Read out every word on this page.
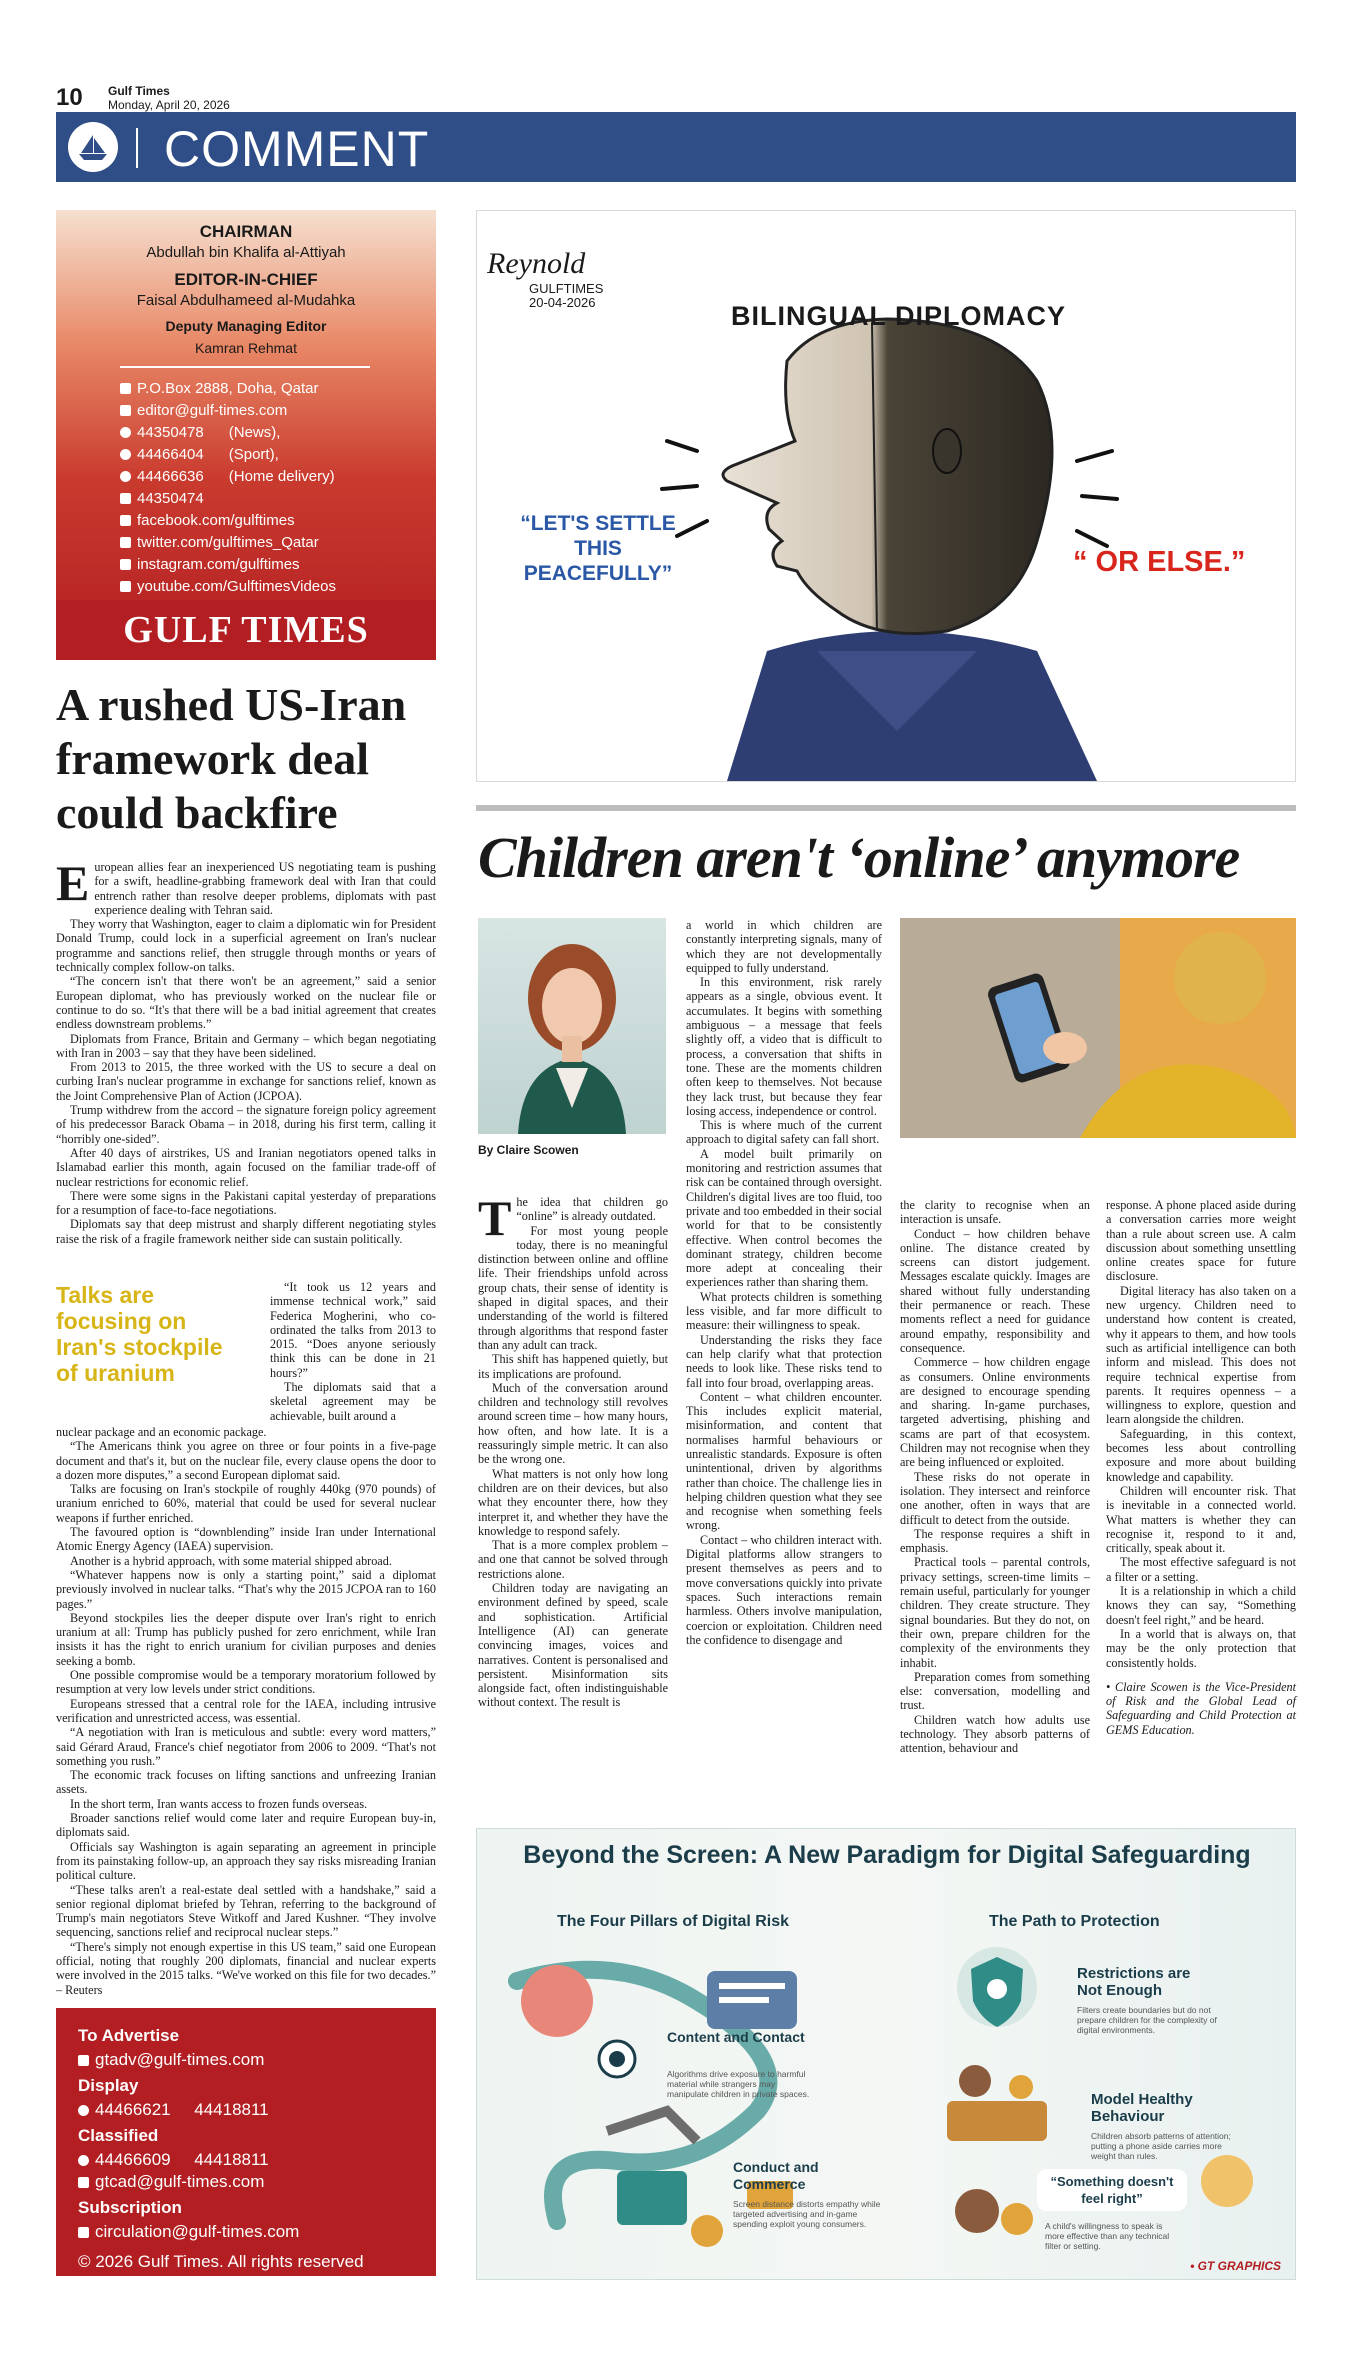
10 Gulf Times
Monday, April 20, 2026
COMMENT
CHAIRMAN
Abdullah bin Khalifa al-Attiyah
EDITOR-IN-CHIEF
Faisal Abdulhameed al-Mudahka
Deputy Managing Editor
Kamran Rehmat
P.O.Box 2888, Doha, Qatar
editor@gulf-times.com
44350478      (News),
44466404      (Sport),
44466636      (Home delivery)
44350474
facebook.com/gulftimes
twitter.com/gulftimes_Qatar
instagram.com/gulftimes
youtube.com/GulftimesVideos
GULF TIMES
A rushed US-Iran framework deal could backfire

European allies fear an inexperienced US negotiating team is pushing for a swift, headline-grabbing framework deal with Iran that could entrench rather than resolve deeper problems, diplomats with past experience dealing with Tehran said.

They worry that Washington, eager to claim a diplomatic win for President Donald Trump, could lock in a superficial agreement on Iran's nuclear programme and sanctions relief, then struggle through months or years of technically complex follow-on talks.

“The concern isn't that there won't be an agreement,” said a senior European diplomat, who has previously worked on the nuclear file or continue to do so. “It's that there will be a bad initial agreement that creates endless downstream problems.”

Diplomats from France, Britain and Germany – which began negotiating with Iran in 2003 – say that they have been sidelined.

From 2013 to 2015, the three worked with the US to secure a deal on curbing Iran's nuclear programme in exchange for sanctions relief, known as the Joint Comprehensive Plan of Action (JCPOA).

Trump withdrew from the accord – the signature foreign policy agreement of his predecessor Barack Obama – in 2018, during his first term, calling it “horribly one-sided”.

After 40 days of airstrikes, US and Iranian negotiators opened talks in Islamabad earlier this month, again focused on the familiar trade-off of nuclear restrictions for economic relief.

There were some signs in the Pakistani capital yesterday of preparations for a resumption of face-to-face negotiations.

Diplomats say that deep mistrust and sharply different negotiating styles raise the risk of a fragile framework neither side can sustain politically.

Talks are focusing on Iran's stockpile of uranium

“It took us 12 years and immense technical work,” said Federica Mogherini, who co-ordinated the talks from 2013 to 2015. “Does anyone seriously think this can be done in 21 hours?”

The diplomats said that a skeletal agreement may be achievable, built around a

nuclear package and an economic package.

“The Americans think you agree on three or four points in a five-page document and that's it, but on the nuclear file, every clause opens the door to a dozen more disputes,” a second European diplomat said.

Talks are focusing on Iran's stockpile of roughly 440kg (970 pounds) of uranium enriched to 60%, material that could be used for several nuclear weapons if further enriched.

The favoured option is “downblending” inside Iran under International Atomic Energy Agency (IAEA) supervision.

Another is a hybrid approach, with some material shipped abroad.

“Whatever happens now is only a starting point,” said a diplomat previously involved in nuclear talks. “That's why the 2015 JCPOA ran to 160 pages.”

Beyond stockpiles lies the deeper dispute over Iran's right to enrich uranium at all: Trump has publicly pushed for zero enrichment, while Iran insists it has the right to enrich uranium for civilian purposes and denies seeking a bomb.

One possible compromise would be a temporary moratorium followed by resumption at very low levels under strict conditions.

Europeans stressed that a central role for the IAEA, including intrusive verification and unrestricted access, was essential.

“A negotiation with Iran is meticulous and subtle: every word matters,” said Gérard Araud, France's chief negotiator from 2006 to 2009. “That's not something you rush.”

The economic track focuses on lifting sanctions and unfreezing Iranian assets.

In the short term, Iran wants access to frozen funds overseas.

Broader sanctions relief would come later and require European buy-in, diplomats said.

Officials say Washington is again separating an agreement in principle from its painstaking follow-up, an approach they say risks misreading Iranian political culture.

“These talks aren't a real-estate deal settled with a handshake,” said a senior regional diplomat briefed by Tehran, referring to the background of Trump's main negotiators Steve Witkoff and Jared Kushner. “They involve sequencing, sanctions relief and reciprocal nuclear steps.”

“There's simply not enough expertise in this US team,” said one European official, noting that roughly 200 diplomats, financial and nuclear experts were involved in the 2015 talks. “We've worked on this file for two decades.” – Reuters

To Advertise
gtadv@gulf-times.com
Display
44466621     44418811
Classified
44466609     44418811
gtcad@gulf-times.com
Subscription
circulation@gulf-times.com
© 2026 Gulf Times. All rights reserved
Reynold
GULFTIMES
20-04-2026	BILINGUAL DIPLOMACY
“LET'S SETTLE THIS PEACEFULLY”	“ OR ELSE.”
Children aren't ‘online’ anymore
By Claire Scowen

The idea that children go “online” is already outdated.

For most young people today, there is no meaningful distinction between online and offline life. Their friendships unfold across group chats, their sense of identity is shaped in digital spaces, and their understanding of the world is filtered through algorithms that respond faster than any adult can track.

This shift has happened quietly, but its implications are profound.

Much of the conversation around children and technology still revolves around screen time – how many hours, how often, and how late. It is a reassuringly simple metric. It can also be the wrong one.

What matters is not only how long children are on their devices, but also what they encounter there, how they interpret it, and whether they have the knowledge to respond safely.

That is a more complex problem – and one that cannot be solved through restrictions alone.

Children today are navigating an environment defined by speed, scale and sophistication. Artificial Intelligence (AI) can generate convincing images, voices and narratives. Content is personalised and persistent. Misinformation sits alongside fact, often indistinguishable without context. The result is

a world in which children are constantly interpreting signals, many of which they are not developmentally equipped to fully understand.

In this environment, risk rarely appears as a single, obvious event. It accumulates. It begins with something ambiguous – a message that feels slightly off, a video that is difficult to process, a conversation that shifts in tone. These are the moments children often keep to themselves. Not because they lack trust, but because they fear losing access, independence or control.

This is where much of the current approach to digital safety can fall short.

A model built primarily on monitoring and restriction assumes that risk can be contained through oversight. Children's digital lives are too fluid, too private and too embedded in their social world for that to be consistently effective. When control becomes the dominant strategy, children become more adept at concealing their experiences rather than sharing them.

What protects children is something less visible, and far more difficult to measure: their willingness to speak.

Understanding the risks they face can help clarify what that protection needs to look like. These risks tend to fall into four broad, overlapping areas.

Content – what children encounter. This includes explicit material, misinformation, and content that normalises harmful behaviours or unrealistic standards. Exposure is often unintentional, driven by algorithms rather than choice. The challenge lies in helping children question what they see and recognise when something feels wrong.

Contact – who children interact with. Digital platforms allow strangers to present themselves as peers and to move conversations quickly into private spaces. Such interactions remain harmless. Others involve manipulation, coercion or exploitation. Children need the confidence to disengage and

the clarity to recognise when an interaction is unsafe.

Conduct – how children behave online. The distance created by screens can distort judgement. Messages escalate quickly. Images are shared without fully understanding their permanence or reach. These moments reflect a need for guidance around empathy, responsibility and consequence.

Commerce – how children engage as consumers. Online environments are designed to encourage spending and sharing. In-game purchases, targeted advertising, phishing and scams are part of that ecosystem. Children may not recognise when they are being influenced or exploited.

These risks do not operate in isolation. They intersect and reinforce one another, often in ways that are difficult to detect from the outside.

The response requires a shift in emphasis.

Practical tools – parental controls, privacy settings, screen-time limits – remain useful, particularly for younger children. They create structure. They signal boundaries. But they do not, on their own, prepare children for the complexity of the environments they inhabit.

Preparation comes from something else: conversation, modelling and trust.

Children watch how adults use technology. They absorb patterns of attention, behaviour and

response. A phone placed aside during a conversation carries more weight than a rule about screen use. A calm discussion about something unsettling online creates space for future disclosure.

Digital literacy has also taken on a new urgency. Children need to understand how content is created, why it appears to them, and how tools such as artificial intelligence can both inform and mislead. This does not require technical expertise from parents. It requires openness – a willingness to explore, question and learn alongside the children.

Safeguarding, in this context, becomes less about controlling exposure and more about building knowledge and capability.

Children will encounter risk. That is inevitable in a connected world. What matters is whether they can recognise it, respond to it and, critically, speak about it.

The most effective safeguard is not a filter or a setting.

It is a relationship in which a child knows they can say, “Something doesn't feel right,” and be heard.

In a world that is always on, that may be the only protection that consistently holds.

• Claire Scowen is the Vice-President of Risk and the Global Lead of Safeguarding and Child Protection at GEMS Education.

Beyond the Screen: A New Paradigm for Digital Safeguarding
The Four Pillars of Digital Risk	The Path to Protection
Content and Contact
Algorithms drive exposure to harmful material while strangers may manipulate children in private spaces.
Conduct and Commerce
Screen distance distorts empathy while targeted advertising and in-game spending exploit young consumers.
Restrictions are Not Enough
Filters create boundaries but do not prepare children for the complexity of digital environments.
Model Healthy Behaviour
Children absorb patterns of attention; putting a phone aside carries more weight than rules.
“Something doesn't feel right”
A child's willingness to speak is more effective than any technical filter or setting.
• GT GRAPHICS
